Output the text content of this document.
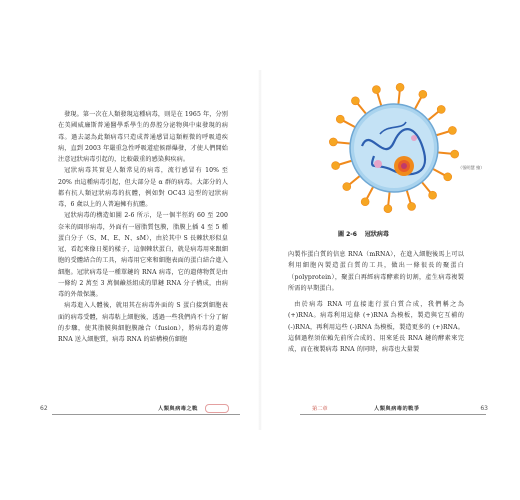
發現。第一次在人類發現這種病毒，則是在 1965 年，分別在美國威廉斯普通醫學系學生的鼻腔分泌物與中東發現的病毒。過去認為此類病毒只造成普通感冒這類輕微的呼吸道疾病，直到 2003 年嚴重急性呼吸道症候群爆發，才使人們開始注意冠狀病毒引起的，比較嚴重的感染與疾病。

冠狀病毒其實是人類常見的病毒，流行感冒有 10% 至 20% 由這種病毒引起，但大部分是 α 群的病毒。大部分的人都有抗人類冠狀病毒的抗體，例如對 OC43 這型的冠狀病毒，6 歲以上的人普遍擁有抗體。

冠狀病毒的構造如圖 2-6 所示，是一個半徑約 60 至 200 奈米的圓形病毒，外面有一層脂質包膜，脂膜上插 4 至 5 種蛋白分子（S、M、E、N、sM），由於其中 S 長棘狀形似皇冠，看起來像日冕的樣子，這個棘狀蛋白，就是病毒用來跟細胞的受體結合的工具，病毒用它來和細胞表面的蛋白結合進入細胞。冠狀病毒是一種單鏈的 RNA 病毒，它的遺傳物質是由一條約 2 萬至 3 萬個鹼基組成的單鏈 RNA 分子構成，由病毒的外殼保護。

病毒進入人體後，就用其在病毒外面的 S 蛋白接到細胞表面的病毒受體，病毒粘上細胞後，透過一些我們尚不十分了解的步驟，使其脂膜與細胞膜融合（fusion），將病毒的遺傳 RNA 送入細胞質，病毒 RNA 的結構模仿細胞

62	人類與病毒之戰
（張明慧 繪）
圖 2-6 冠狀病毒

內製作蛋白質的信息 RNA（mRNA），在進入細胞後馬上可以利用細胞內製造蛋白質的工具，做出一條很長的聚蛋白（polyprotein），聚蛋白再經病毒酵素的切割，產生病毒複製所需的早期蛋白。

由於病毒 RNA 可直接進行蛋白質合成，我們稱之為(+)RNA。病毒利用這條 (+)RNA 為模板，製造與它互補的(-)RNA，再利用這些 (-)RNA 為模板，製造更多的 (+)RNA。這個過程須依賴先前所合成的、用來延長 RNA 鏈的酵素來完成，而在複製病毒 RNA 的同時，病毒也大量製

第二章	人類與病毒的戰爭	63
